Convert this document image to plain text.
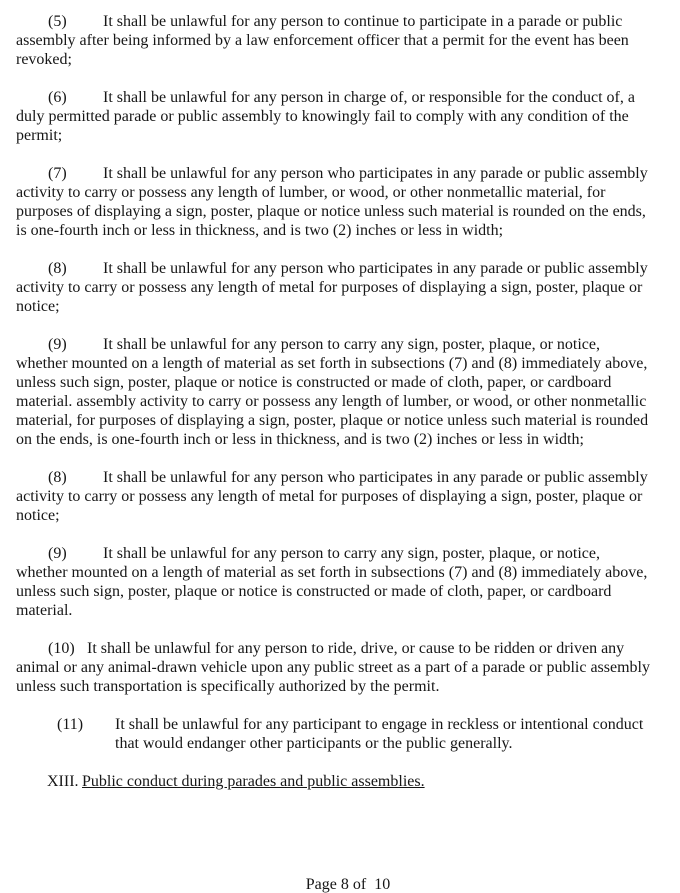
(5) It shall be unlawful for any person to continue to participate in a parade or public assembly after being informed by a law enforcement officer that a permit for the event has been revoked;

(6) It shall be unlawful for any person in charge of, or responsible for the conduct of, a duly permitted parade or public assembly to knowingly fail to comply with any condition of the permit;

(7) It shall be unlawful for any person who participates in any parade or public assembly activity to carry or possess any length of lumber, or wood, or other nonmetallic material, for purposes of displaying a sign, poster, plaque or notice unless such material is rounded on the ends, is one-fourth inch or less in thickness, and is two (2) inches or less in width;

(8) It shall be unlawful for any person who participates in any parade or public assembly activity to carry or possess any length of metal for purposes of displaying a sign, poster, plaque or notice;

(9) It shall be unlawful for any person to carry any sign, poster, plaque, or notice, whether mounted on a length of material as set forth in subsections (7) and (8) immediately above, unless such sign, poster, plaque or notice is constructed or made of cloth, paper, or cardboard material. assembly activity to carry or possess any length of lumber, or wood, or other nonmetallic material, for purposes of displaying a sign, poster, plaque or notice unless such material is rounded on the ends, is one-fourth inch or less in thickness, and is two (2) inches or less in width;

(8) It shall be unlawful for any person who participates in any parade or public assembly activity to carry or possess any length of metal for purposes of displaying a sign, poster, plaque or notice;

(9) It shall be unlawful for any person to carry any sign, poster, plaque, or notice, whether mounted on a length of material as set forth in subsections (7) and (8) immediately above, unless such sign, poster, plaque or notice is constructed or made of cloth, paper, or cardboard material.

(10) It shall be unlawful for any person to ride, drive, or cause to be ridden or driven any animal or any animal-drawn vehicle upon any public street as a part of a parade or public assembly unless such transportation is specifically authorized by the permit.

(11) It shall be unlawful for any participant to engage in reckless or intentional conduct that would endanger other participants or the public generally.

XIII. Public conduct during parades and public assemblies.

Page 8 of  10
